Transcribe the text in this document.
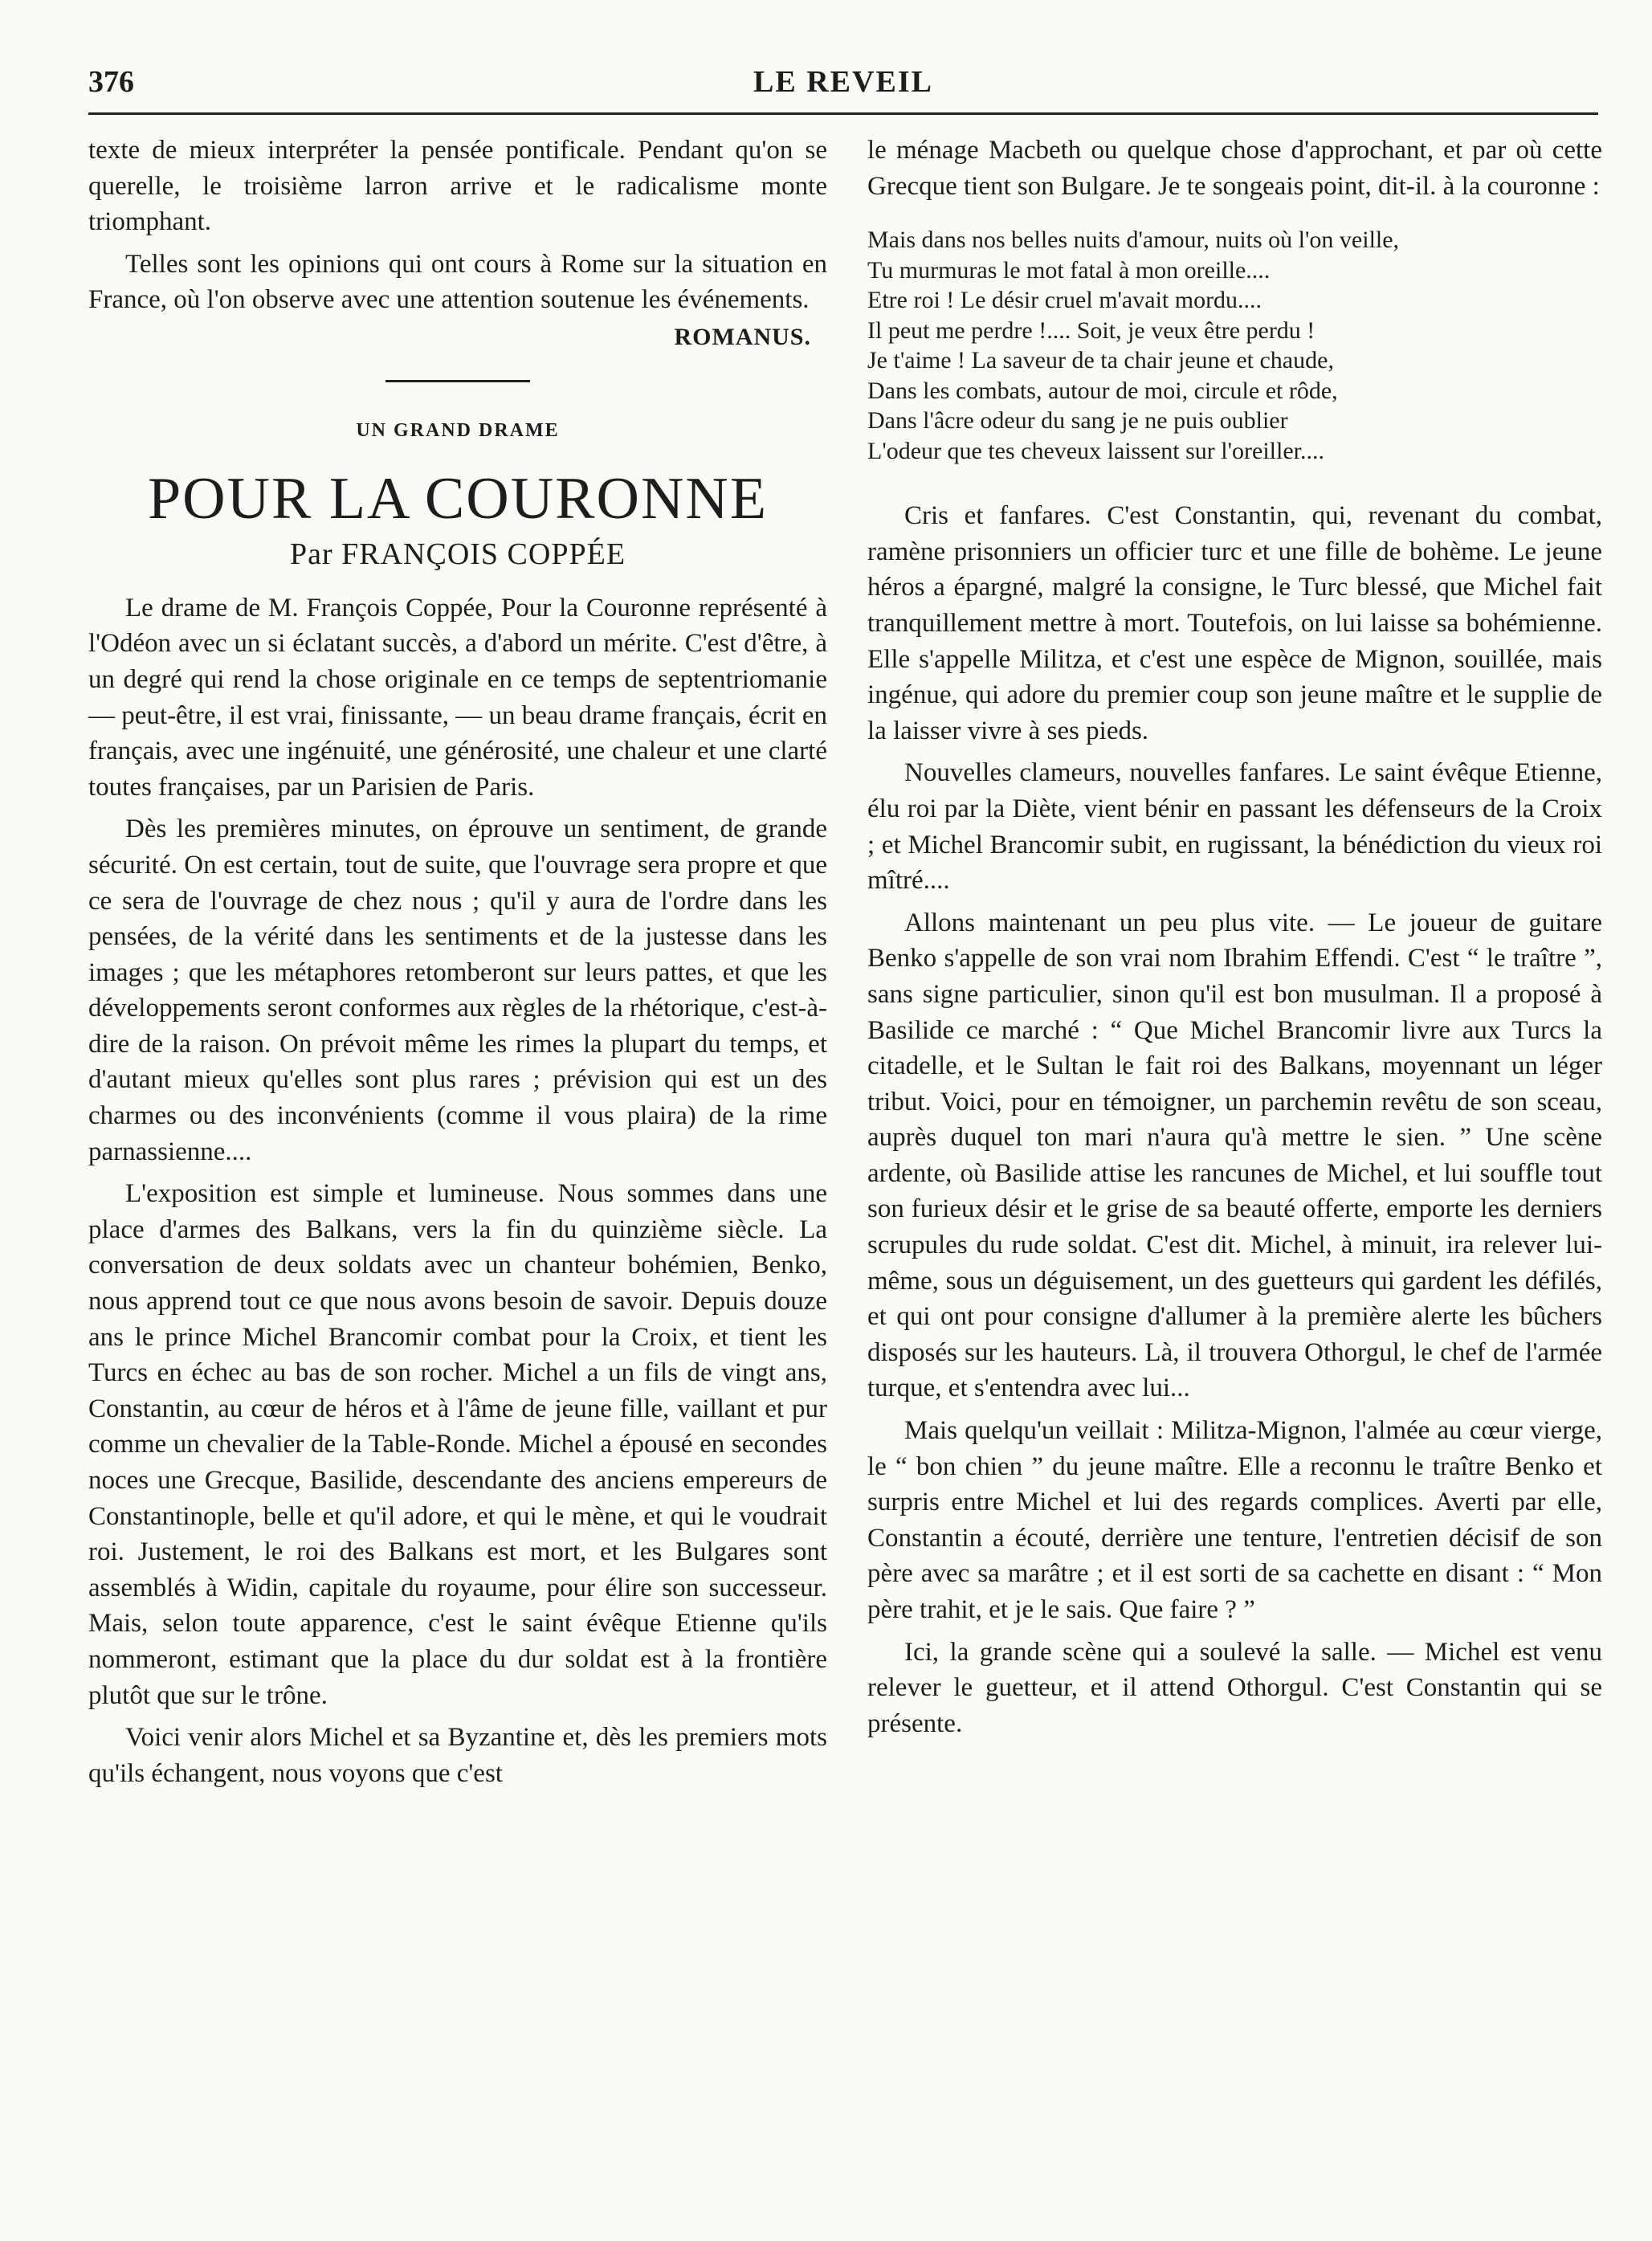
376	LE REVEIL

texte de mieux interpréter la pensée pontificale. Pendant qu'on se querelle, le troisième larron arrive et le radicalisme monte triomphant.

Telles sont les opinions qui ont cours à Rome sur la situation en France, où l'on observe avec une attention soutenue les événements.

ROMANUS.
UN GRAND DRAME
POUR LA COURONNE
Par FRANÇOIS COPPÉE

Le drame de M. François Coppée, Pour la Couronne représenté à l'Odéon avec un si éclatant succès, a d'abord un mérite. C'est d'être, à un degré qui rend la chose originale en ce temps de septentriomanie — peut-être, il est vrai, finissante, — un beau drame français, écrit en français, avec une ingénuité, une générosité, une chaleur et une clarté toutes françaises, par un Parisien de Paris.

Dès les premières minutes, on éprouve un sentiment, de grande sécurité. On est certain, tout de suite, que l'ouvrage sera propre et que ce sera de l'ouvrage de chez nous ; qu'il y aura de l'ordre dans les pensées, de la vérité dans les sentiments et de la justesse dans les images ; que les métaphores retomberont sur leurs pattes, et que les développements seront conformes aux règles de la rhétorique, c'est-à-dire de la raison. On prévoit même les rimes la plupart du temps, et d'autant mieux qu'elles sont plus rares ; prévision qui est un des charmes ou des inconvénients (comme il vous plaira) de la rime parnassienne....

L'exposition est simple et lumineuse. Nous sommes dans une place d'armes des Balkans, vers la fin du quinzième siècle. La conversation de deux soldats avec un chanteur bohémien, Benko, nous apprend tout ce que nous avons besoin de savoir. Depuis douze ans le prince Michel Brancomir combat pour la Croix, et tient les Turcs en échec au bas de son rocher. Michel a un fils de vingt ans, Constantin, au cœur de héros et à l'âme de jeune fille, vaillant et pur comme un chevalier de la Table-Ronde. Michel a épousé en secondes noces une Grecque, Basilide, descendante des anciens empereurs de Constantinople, belle et qu'il adore, et qui le mène, et qui le voudrait roi. Justement, le roi des Balkans est mort, et les Bulgares sont assemblés à Widin, capitale du royaume, pour élire son successeur. Mais, selon toute apparence, c'est le saint évêque Etienne qu'ils nommeront, estimant que la place du dur soldat est à la frontière plutôt que sur le trône.

Voici venir alors Michel et sa Byzantine et, dès les premiers mots qu'ils échangent, nous voyons que c'est

le ménage Macbeth ou quelque chose d'approchant, et par où cette Grecque tient son Bulgare. Je te songeais point, dit-il. à la couronne :

Mais dans nos belles nuits d'amour, nuits où l'on veille,
Tu murmuras le mot fatal à mon oreille....
Etre roi ! Le désir cruel m'avait mordu....
Il peut me perdre !.... Soit, je veux être perdu !
Je t'aime ! La saveur de ta chair jeune et chaude,
Dans les combats, autour de moi, circule et rôde,
Dans l'âcre odeur du sang je ne puis oublier
L'odeur que tes cheveux laissent sur l'oreiller....

Cris et fanfares. C'est Constantin, qui, revenant du combat, ramène prisonniers un officier turc et une fille de bohème. Le jeune héros a épargné, malgré la consigne, le Turc blessé, que Michel fait tranquillement mettre à mort. Toutefois, on lui laisse sa bohémienne. Elle s'appelle Militza, et c'est une espèce de Mignon, souillée, mais ingénue, qui adore du premier coup son jeune maître et le supplie de la laisser vivre à ses pieds.

Nouvelles clameurs, nouvelles fanfares. Le saint évêque Etienne, élu roi par la Diète, vient bénir en passant les défenseurs de la Croix ; et Michel Brancomir subit, en rugissant, la bénédiction du vieux roi mîtré....

Allons maintenant un peu plus vite. — Le joueur de guitare Benko s'appelle de son vrai nom Ibrahim Effendi. C'est “ le traître ”, sans signe particulier, sinon qu'il est bon musulman. Il a proposé à Basilide ce marché : “ Que Michel Brancomir livre aux Turcs la citadelle, et le Sultan le fait roi des Balkans, moyennant un léger tribut. Voici, pour en témoigner, un parchemin revêtu de son sceau, auprès duquel ton mari n'aura qu'à mettre le sien. ” Une scène ardente, où Basilide attise les rancunes de Michel, et lui souffle tout son furieux désir et le grise de sa beauté offerte, emporte les derniers scrupules du rude soldat. C'est dit. Michel, à minuit, ira relever lui-même, sous un déguisement, un des guetteurs qui gardent les défilés, et qui ont pour consigne d'allumer à la première alerte les bûchers disposés sur les hauteurs. Là, il trouvera Othorgul, le chef de l'armée turque, et s'entendra avec lui...

Mais quelqu'un veillait : Militza-Mignon, l'almée au cœur vierge, le “ bon chien ” du jeune maître. Elle a reconnu le traître Benko et surpris entre Michel et lui des regards complices. Averti par elle, Constantin a écouté, derrière une tenture, l'entretien décisif de son père avec sa marâtre ; et il est sorti de sa cachette en disant : “ Mon père trahit, et je le sais. Que faire ? ”

Ici, la grande scène qui a soulevé la salle. — Michel est venu relever le guetteur, et il attend Othorgul. C'est Constantin qui se présente.
